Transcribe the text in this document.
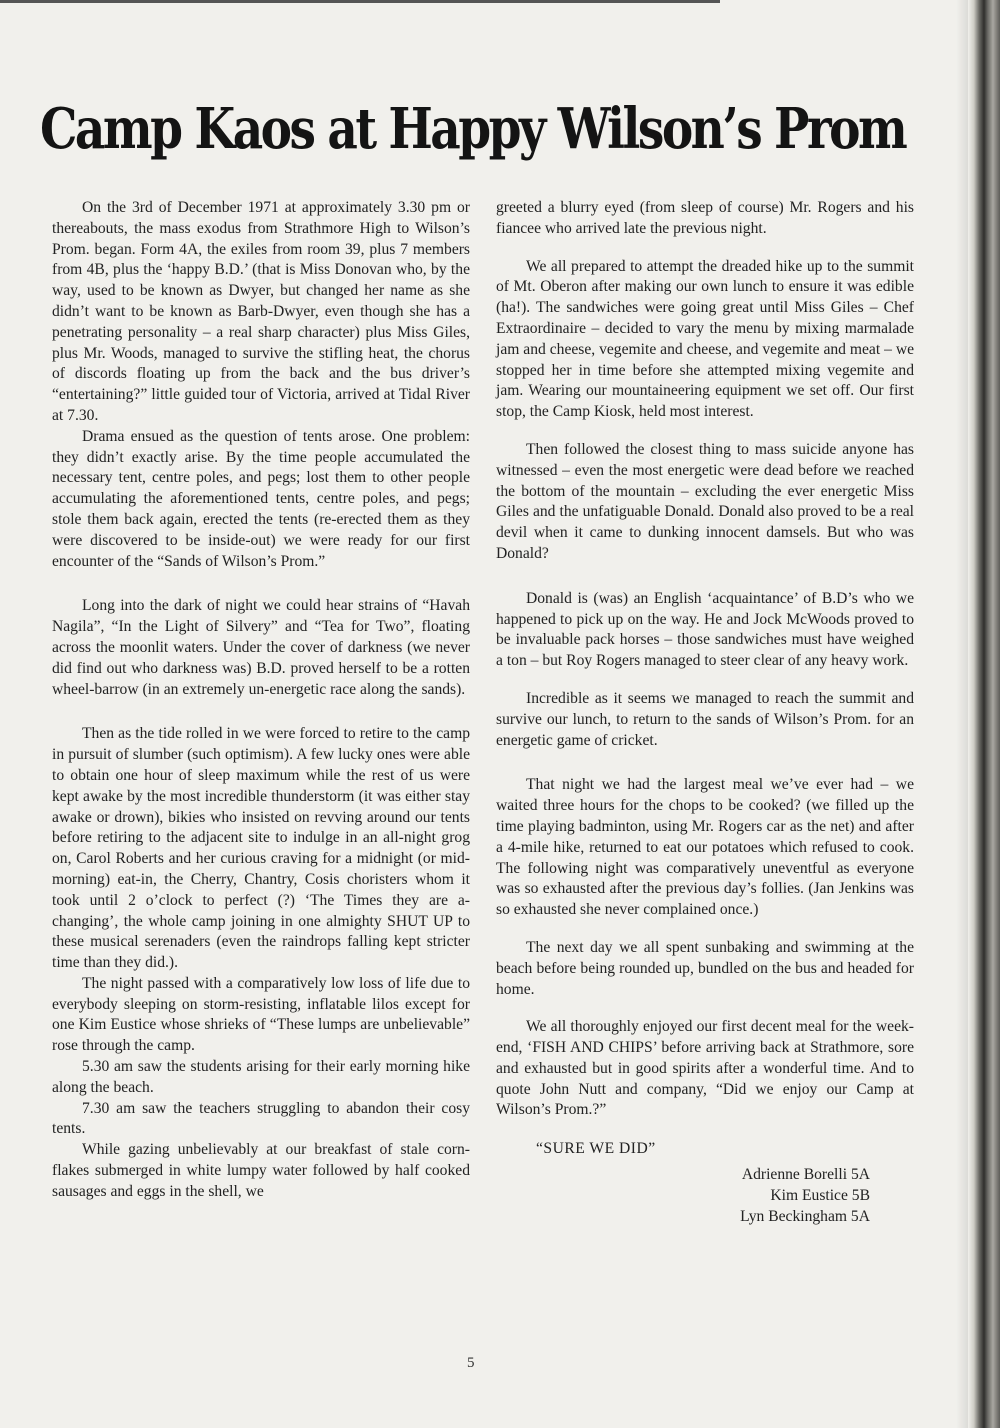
Camp Kaos at Happy Wilson’s Prom

On the 3rd of December 1971 at approximately 3.30 pm or thereabouts, the mass exodus from Strathmore High to Wilson’s Prom. began. Form 4A, the exiles from room 39, plus 7 members from 4B, plus the ‘happy B.D.’ (that is Miss Donovan who, by the way, used to be known as Dwyer, but changed her name as she didn’t want to be known as Barb-Dwyer, even though she has a penetrating personality – a real sharp character) plus Miss Giles, plus Mr. Woods, managed to survive the stifling heat, the chorus of discords floating up from the back and the bus driver’s “entertaining?” little guided tour of Victoria, arrived at Tidal River at 7.30.

Drama ensued as the question of tents arose. One problem: they didn’t exactly arise. By the time people accumulated the necessary tent, centre poles, and pegs; lost them to other people accumulating the aforementioned tents, centre poles, and pegs; stole them back again, erected the tents (re-erected them as they were discovered to be inside-out) we were ready for our first encounter of the “Sands of Wilson’s Prom.”

Long into the dark of night we could hear strains of “Havah Nagila”, “In the Light of Silvery” and “Tea for Two”, floating across the moonlit waters. Under the cover of darkness (we never did find out who darkness was) B.D. proved herself to be a rotten wheel-barrow (in an extremely un-energetic race along the sands).

Then as the tide rolled in we were forced to retire to the camp in pursuit of slumber (such optimism). A few lucky ones were able to obtain one hour of sleep maximum while the rest of us were kept awake by the most incredible thunderstorm (it was either stay awake or drown), bikies who insisted on revving around our tents before retiring to the adjacent site to indulge in an all-night grog on, Carol Roberts and her curious craving for a midnight (or mid-morning) eat-in, the Cherry, Chantry, Cosis choristers whom it took until 2 o’clock to perfect (?) ‘The Times they are a-changing’, the whole camp joining in one almighty SHUT UP to these musical serenaders (even the raindrops falling kept stricter time than they did.).

The night passed with a comparatively low loss of life due to everybody sleeping on storm-resisting, inflatable lilos except for one Kim Eustice whose shrieks of “These lumps are unbelievable” rose through the camp.

5.30 am saw the students arising for their early morning hike along the beach.

7.30 am saw the teachers struggling to abandon their cosy tents.

While gazing unbelievably at our breakfast of stale corn-flakes submerged in white lumpy water followed by half cooked sausages and eggs in the shell, we

greeted a blurry eyed (from sleep of course) Mr. Rogers and his fiancee who arrived late the previous night.

We all prepared to attempt the dreaded hike up to the summit of Mt. Oberon after making our own lunch to ensure it was edible (ha!). The sandwiches were going great until Miss Giles – Chef Extraordinaire – decided to vary the menu by mixing marmalade jam and cheese, vegemite and cheese, and vegemite and meat – we stopped her in time before she attempted mixing vegemite and jam. Wearing our mountaineering equipment we set off. Our first stop, the Camp Kiosk, held most interest.

Then followed the closest thing to mass suicide anyone has witnessed – even the most energetic were dead before we reached the bottom of the mountain – excluding the ever energetic Miss Giles and the unfatiguable Donald. Donald also proved to be a real devil when it came to dunking innocent damsels. But who was Donald?

Donald is (was) an English ‘acquaintance’ of B.D’s who we happened to pick up on the way. He and Jock McWoods proved to be invaluable pack horses – those sandwiches must have weighed a ton – but Roy Rogers managed to steer clear of any heavy work.

Incredible as it seems we managed to reach the summit and survive our lunch, to return to the sands of Wilson’s Prom. for an energetic game of cricket.

That night we had the largest meal we’ve ever had – we waited three hours for the chops to be cooked? (we filled up the time playing badminton, using Mr. Rogers car as the net) and after a 4-mile hike, returned to eat our potatoes which refused to cook. The following night was comparatively uneventful as everyone was so exhausted after the previous day’s follies. (Jan Jenkins was so exhausted she never complained once.)

The next day we all spent sunbaking and swimming at the beach before being rounded up, bundled on the bus and headed for home.

We all thoroughly enjoyed our first decent meal for the week-end, ‘FISH AND CHIPS’ before arriving back at Strathmore, sore and exhausted but in good spirits after a wonderful time. And to quote John Nutt and company, “Did we enjoy our Camp at Wilson’s Prom.?”

“SURE WE DID”
Adrienne Borelli 5A
Kim Eustice 5B
Lyn Beckingham 5A
5
